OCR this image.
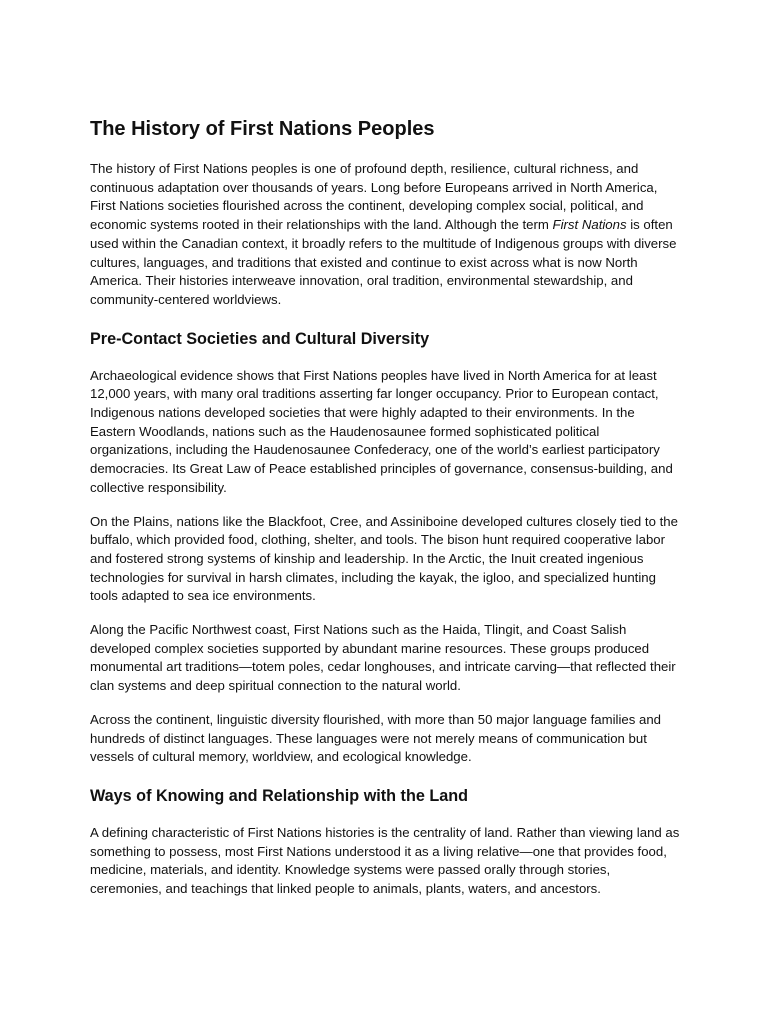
The History of First Nations Peoples

The history of First Nations peoples is one of profound depth, resilience, cultural richness, and continuous adaptation over thousands of years. Long before Europeans arrived in North America, First Nations societies flourished across the continent, developing complex social, political, and economic systems rooted in their relationships with the land. Although the term First Nations is often used within the Canadian context, it broadly refers to the multitude of Indigenous groups with diverse cultures, languages, and traditions that existed and continue to exist across what is now North America. Their histories interweave innovation, oral tradition, environmental stewardship, and community-centered worldviews.

Pre-Contact Societies and Cultural Diversity

Archaeological evidence shows that First Nations peoples have lived in North America for at least 12,000 years, with many oral traditions asserting far longer occupancy. Prior to European contact, Indigenous nations developed societies that were highly adapted to their environments. In the Eastern Woodlands, nations such as the Haudenosaunee formed sophisticated political organizations, including the Haudenosaunee Confederacy, one of the world’s earliest participatory democracies. Its Great Law of Peace established principles of governance, consensus-building, and collective responsibility.

On the Plains, nations like the Blackfoot, Cree, and Assiniboine developed cultures closely tied to the buffalo, which provided food, clothing, shelter, and tools. The bison hunt required cooperative labor and fostered strong systems of kinship and leadership. In the Arctic, the Inuit created ingenious technologies for survival in harsh climates, including the kayak, the igloo, and specialized hunting tools adapted to sea ice environments.

Along the Pacific Northwest coast, First Nations such as the Haida, Tlingit, and Coast Salish developed complex societies supported by abundant marine resources. These groups produced monumental art traditions—totem poles, cedar longhouses, and intricate carving—that reflected their clan systems and deep spiritual connection to the natural world.

Across the continent, linguistic diversity flourished, with more than 50 major language families and hundreds of distinct languages. These languages were not merely means of communication but vessels of cultural memory, worldview, and ecological knowledge.

Ways of Knowing and Relationship with the Land

A defining characteristic of First Nations histories is the centrality of land. Rather than viewing land as something to possess, most First Nations understood it as a living relative—one that provides food, medicine, materials, and identity. Knowledge systems were passed orally through stories, ceremonies, and teachings that linked people to animals, plants, waters, and ancestors.
